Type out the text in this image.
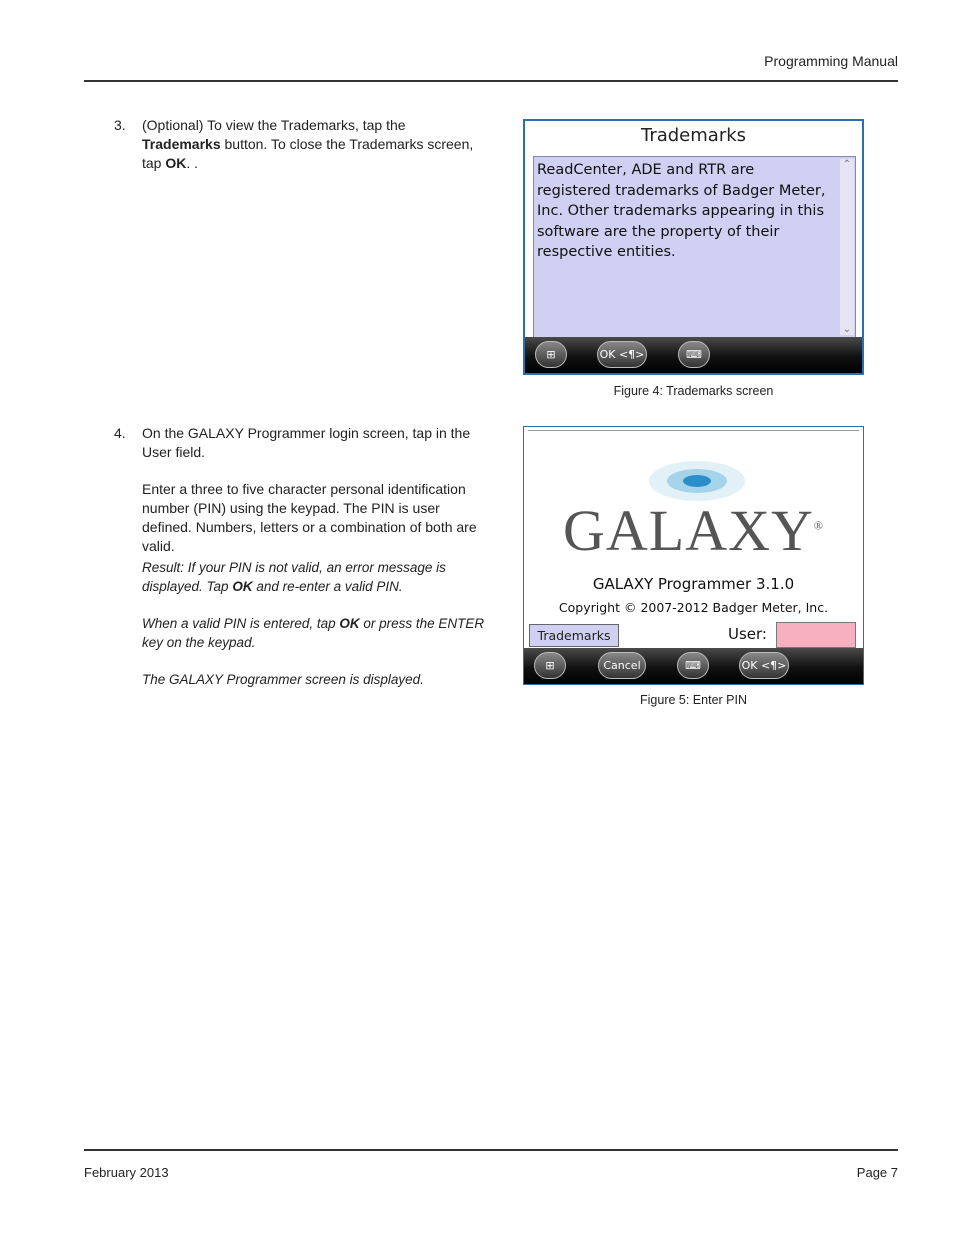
Programming Manual
3. (Optional) To view the Trademarks, tap the Trademarks button. To close the Trademarks screen, tap OK. .
Trademarks
ReadCenter, ADE and RTR are registered trademarks of Badger Meter, Inc. Other trademarks appearing in this software are the property of their respective entities.
⌃
⌄
⊞	OK <¶>	⌨
Figure 4: Trademarks screen
4. On the GALAXY Programmer login screen, tap in the User field.
Enter a three to five character personal identification number (PIN) using the keypad. The PIN is user defined. Numbers, letters or a combination of both are valid.
Result: If your PIN is not valid, an error message is displayed. Tap OK and re-enter a valid PIN.
When a valid PIN is entered, tap OK or press the ENTER key on the keypad.
The GALAXY Programmer screen is displayed.
GALAXY®
GALAXY Programmer 3.1.0
Copyright © 2007-2012 Badger Meter, Inc.
Trademarks	User:
⊞	Cancel	⌨	OK <¶>
Figure 5: Enter PIN
February 2013	Page 7
